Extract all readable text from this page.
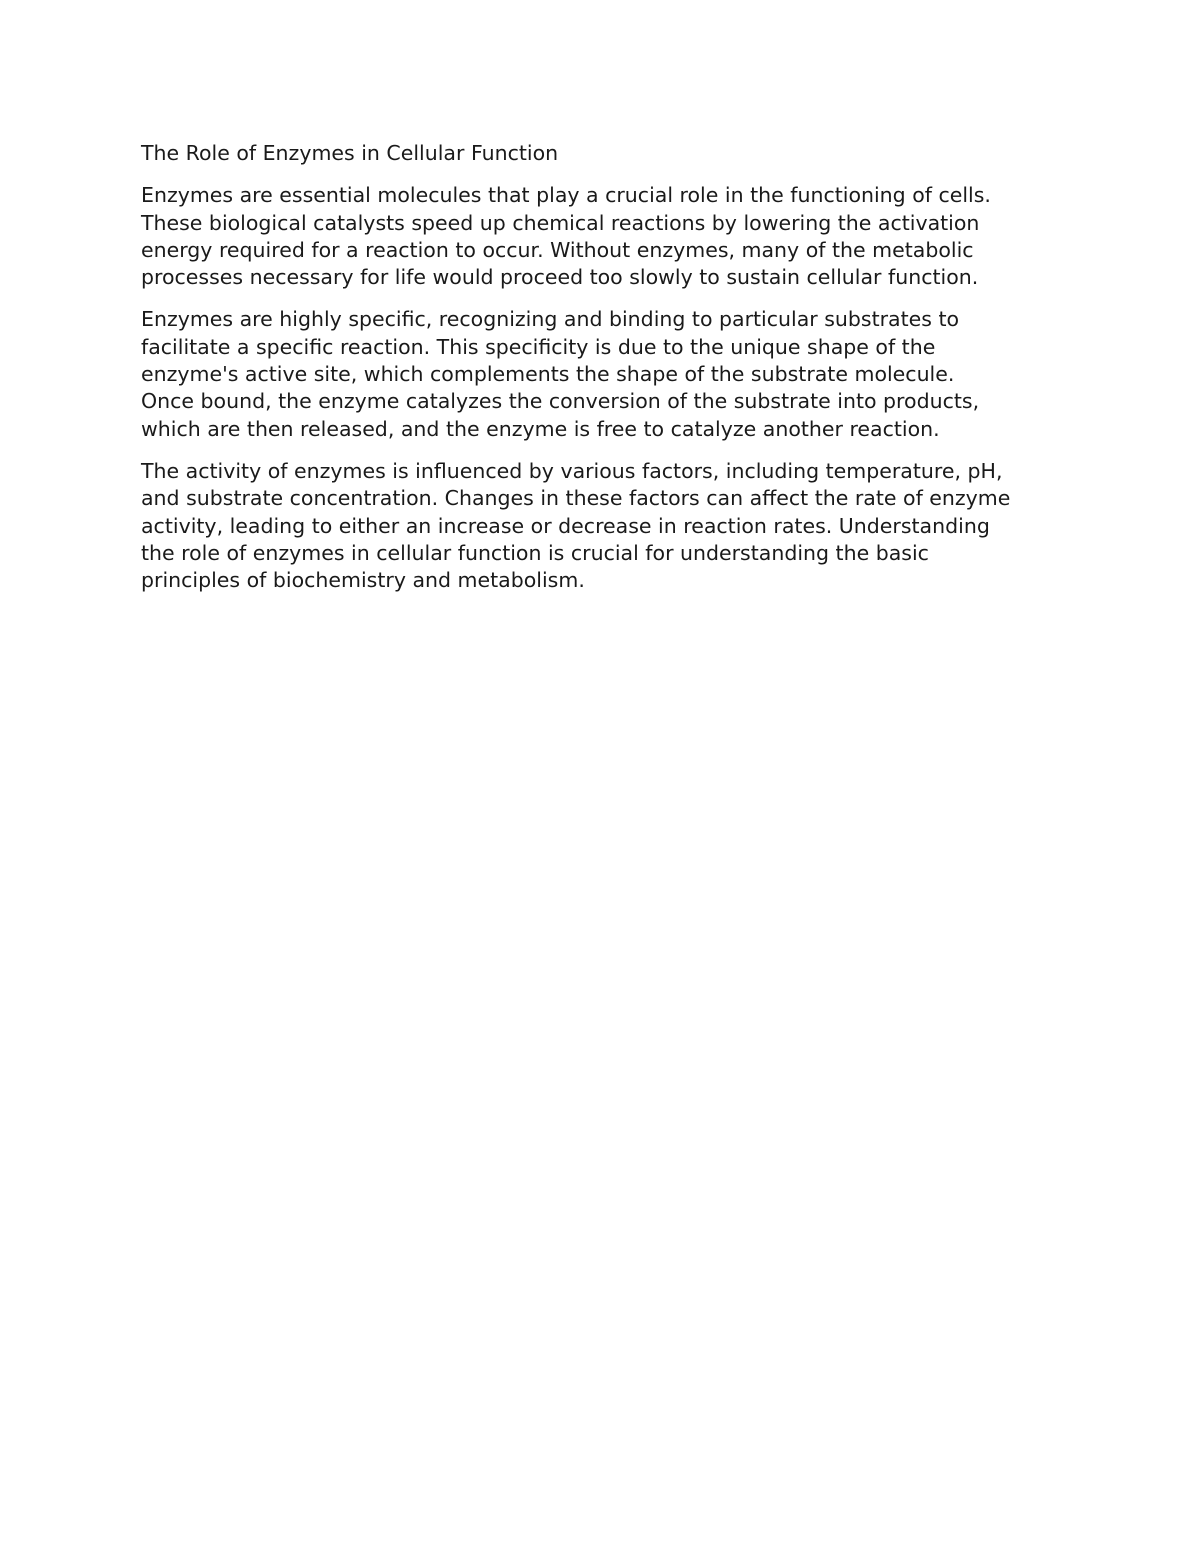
The Role of Enzymes in Cellular Function
Enzymes are essential molecules that play a crucial role in the functioning of cells.
These biological catalysts speed up chemical reactions by lowering the activation
energy required for a reaction to occur. Without enzymes, many of the metabolic
processes necessary for life would proceed too slowly to sustain cellular function.
Enzymes are highly specific, recognizing and binding to particular substrates to
facilitate a specific reaction. This specificity is due to the unique shape of the
enzyme's active site, which complements the shape of the substrate molecule.
Once bound, the enzyme catalyzes the conversion of the substrate into products,
which are then released, and the enzyme is free to catalyze another reaction.
The activity of enzymes is influenced by various factors, including temperature, pH,
and substrate concentration. Changes in these factors can affect the rate of enzyme
activity, leading to either an increase or decrease in reaction rates. Understanding
the role of enzymes in cellular function is crucial for understanding the basic
principles of biochemistry and metabolism.
